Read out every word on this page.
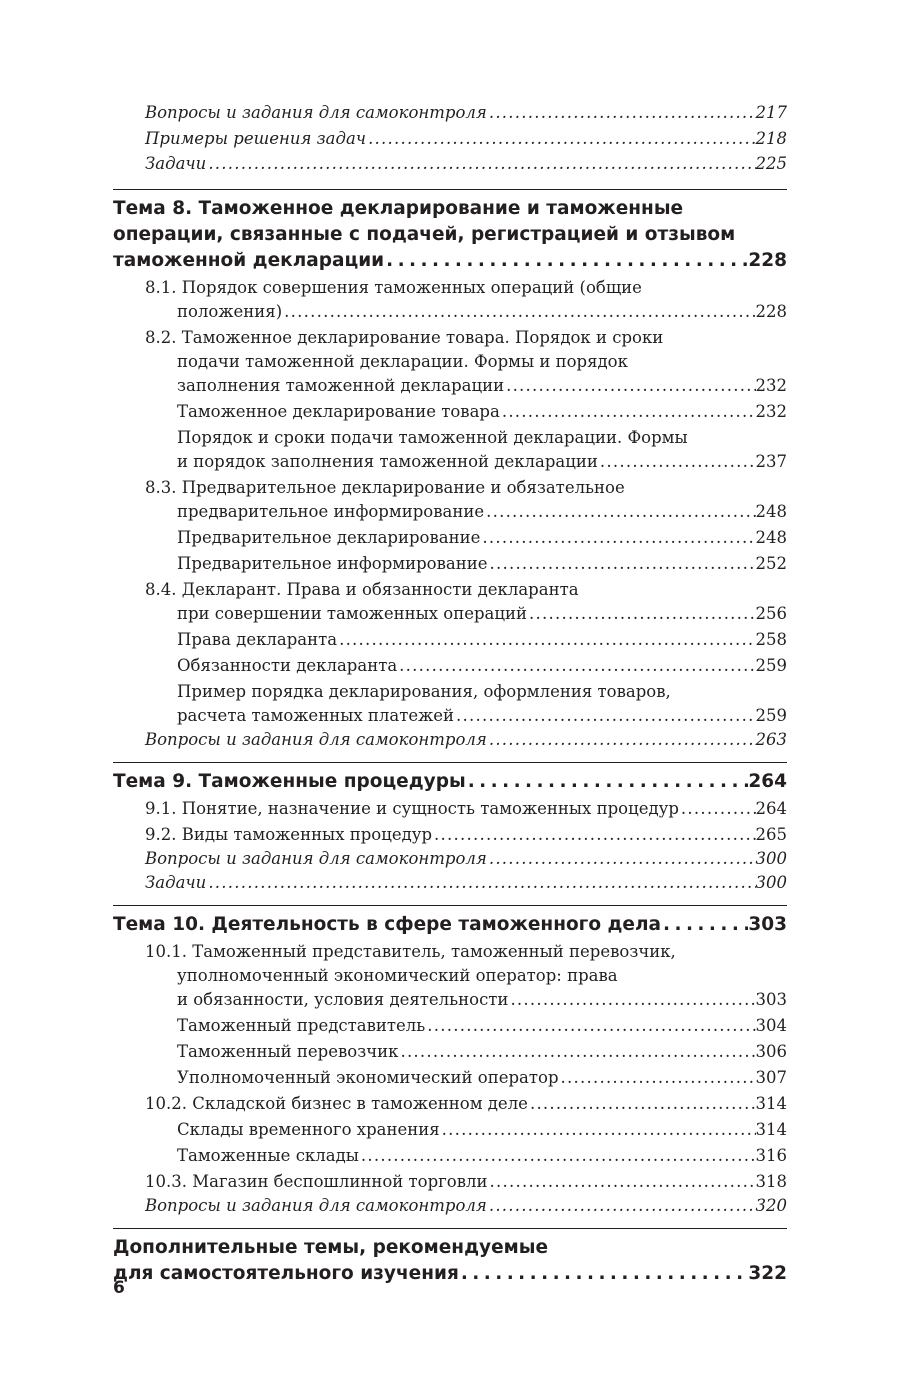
Вопросы и задания для самоконтроля . . .	217
Примеры решения задач . . .	218
Задачи . . .	225
Тема 8. Таможенное декларирование и таможенные
операции, связанные с подачей, регистрацией и отзывом
таможенной декларации . . .	228
8.1. Порядок совершения таможенных операций (общие
положения) . . .	228
8.2. Таможенное декларирование товара. Порядок и сроки
подачи таможенной декларации. Формы и порядок
заполнения таможенной декларации . . .	232
Таможенное декларирование товара . . .	232
Порядок и сроки подачи таможенной декларации. Формы
и порядок заполнения таможенной декларации . . .	237
8.3. Предварительное декларирование и обязательное
предварительное информирование . . .	248
Предварительное декларирование . . .	248
Предварительное информирование . . .	252
8.4. Декларант. Права и обязанности декларанта
при совершении таможенных операций . . .	256
Права декларанта . . .	258
Обязанности декларанта . . .	259
Пример порядка декларирования, оформления товаров,
расчета таможенных платежей . . .	259
Вопросы и задания для самоконтроля . . .	263
Тема 9. Таможенные процедуры . . .	264
9.1. Понятие, назначение и сущность таможенных процедур . . .	264
9.2. Виды таможенных процедур . . .	265
Вопросы и задания для самоконтроля . . .	300
Задачи . . .	300
Тема 10. Деятельность в сфере таможенного дела . . .	303
10.1. Таможенный представитель, таможенный перевозчик,
уполномоченный экономический оператор: права
и обязанности, условия деятельности . . .	303
Таможенный представитель . . .	304
Таможенный перевозчик . . .	306
Уполномоченный экономический оператор . . .	307
10.2. Складской бизнес в таможенном деле . . .	314
Склады временного хранения . . .	314
Таможенные склады . . .	316
10.3. Магазин беспошлинной торговли . . .	318
Вопросы и задания для самоконтроля . . .	320
Дополнительные темы, рекомендуемые
для самостоятельного изучения . . .	322
6
